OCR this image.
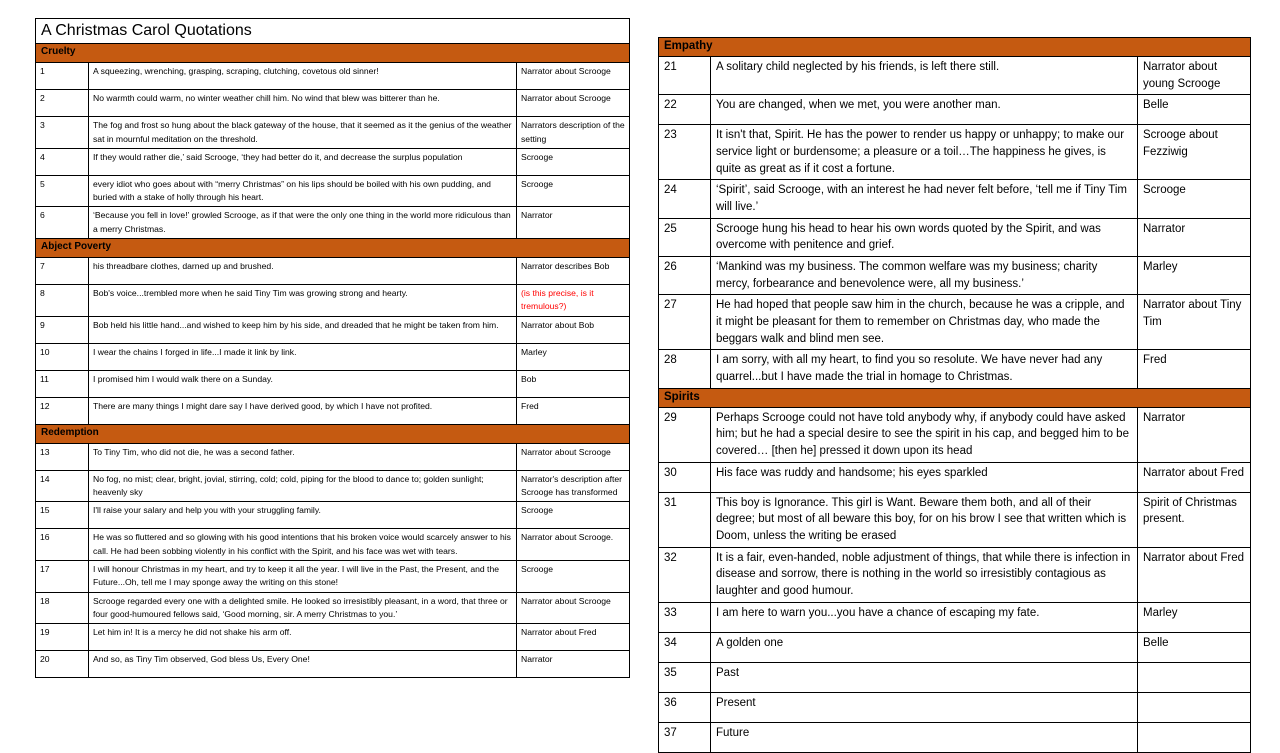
A Christmas Carol Quotations		
Cruelty		
1	A squeezing, wrenching, grasping, scraping, clutching, covetous old sinner!	Narrator about Scrooge
2	No warmth could warm, no winter weather chill him. No wind that blew was bitterer than he.	Narrator about Scrooge
3	The fog and frost so hung about the black gateway of the house, that it seemed as it the genius of the weather sat in mournful meditation on the threshold.	Narrators description of the setting
4	If they would rather die,’ said Scrooge, ‘they had better do it, and decrease the surplus population	Scrooge
5	every idiot who goes about with “merry Christmas” on his lips should be boiled with his own pudding, and buried with a stake of holly through his heart.	Scrooge
6	‘Because you fell in love!’ growled Scrooge, as if that were the only one thing in the world more ridiculous than a merry Christmas.	Narrator
Abject Poverty		
7	his threadbare clothes, darned up and brushed.	Narrator describes Bob
8	Bob's voice...trembled more when he said Tiny Tim was growing strong and hearty.	(is this precise, is it tremulous?)
9	Bob held his little hand...and wished to keep him by his side, and dreaded that he might be taken from him.	Narrator about Bob
10	I wear the chains I forged in life...I made it link by link.	Marley
11	I promised him I would walk there on a Sunday.	Bob
12	There are many things I might dare say I have derived good, by which I have not profited.	Fred
Redemption		
13	To Tiny Tim, who did not die, he was a second father.	Narrator about Scrooge
14	No fog, no mist; clear, bright, jovial, stirring, cold; cold, piping for the blood to dance to; golden sunlight; heavenly sky	Narrator's description after Scrooge has transformed
15	I'll raise your salary and help you with your struggling family.	Scrooge
16	He was so fluttered and so glowing with his good intentions that his broken voice would scarcely answer to his call. He had been sobbing violently in his conflict with the Spirit, and his face was wet with tears.	Narrator about Scrooge.
17	I will honour Christmas in my heart, and try to keep it all the year. I will live in the Past, the Present, and the Future...Oh, tell me I may sponge away the writing on this stone!	Scrooge
18	Scrooge regarded every one with a delighted smile. He looked so irresistibly pleasant, in a word, that three or four good-humoured fellows said, ‘Good morning, sir. A merry Christmas to you.’	Narrator about Scrooge
19	Let him in! It is a mercy he did not shake his arm off.	Narrator about Fred
20	And so, as Tiny Tim observed, God bless Us, Every One!	Narrator
Empathy		
21	A solitary child neglected by his friends, is left there still.	Narrator about young Scrooge
22	You are changed, when we met, you were another man.	Belle
23	It isn't that, Spirit. He has the power to render us happy or unhappy; to make our service light or burdensome; a pleasure or a toil…The happiness he gives, is quite as great as if it cost a fortune.	Scrooge about Fezziwig
24	‘Spirit’, said Scrooge, with an interest he had never felt before, ‘tell me if Tiny Tim will live.’	Scrooge
25	Scrooge hung his head to hear his own words quoted by the Spirit, and was overcome with penitence and grief.	Narrator
26	‘Mankind was my business. The common welfare was my business; charity mercy, forbearance and benevolence were, all my business.’	Marley
27	He had hoped that people saw him in the church, because he was a cripple, and it might be pleasant for them to remember on Christmas day, who made the beggars walk and blind men see.	Narrator about Tiny Tim
28	I am sorry, with all my heart, to find you so resolute. We have never had any quarrel...but I have made the trial in homage to Christmas.	Fred
Spirits		
29	Perhaps Scrooge could not have told anybody why, if anybody could have asked him; but he had a special desire to see the spirit in his cap, and begged him to be covered… [then he] pressed it down upon its head	Narrator
30	His face was ruddy and handsome; his eyes sparkled	Narrator about Fred
31	This boy is Ignorance. This girl is Want. Beware them both, and all of their degree; but most of all beware this boy, for on his brow I see that written which is Doom, unless the writing be erased	Spirit of Christmas present.
32	It is a fair, even-handed, noble adjustment of things, that while there is infection in disease and sorrow, there is nothing in the world so irresistibly contagious as laughter and good humour.	Narrator about Fred
33	I am here to warn you...you have a chance of escaping my fate.	Marley
34	A golden one	Belle
35	Past	
36	Present	
37	Future	
